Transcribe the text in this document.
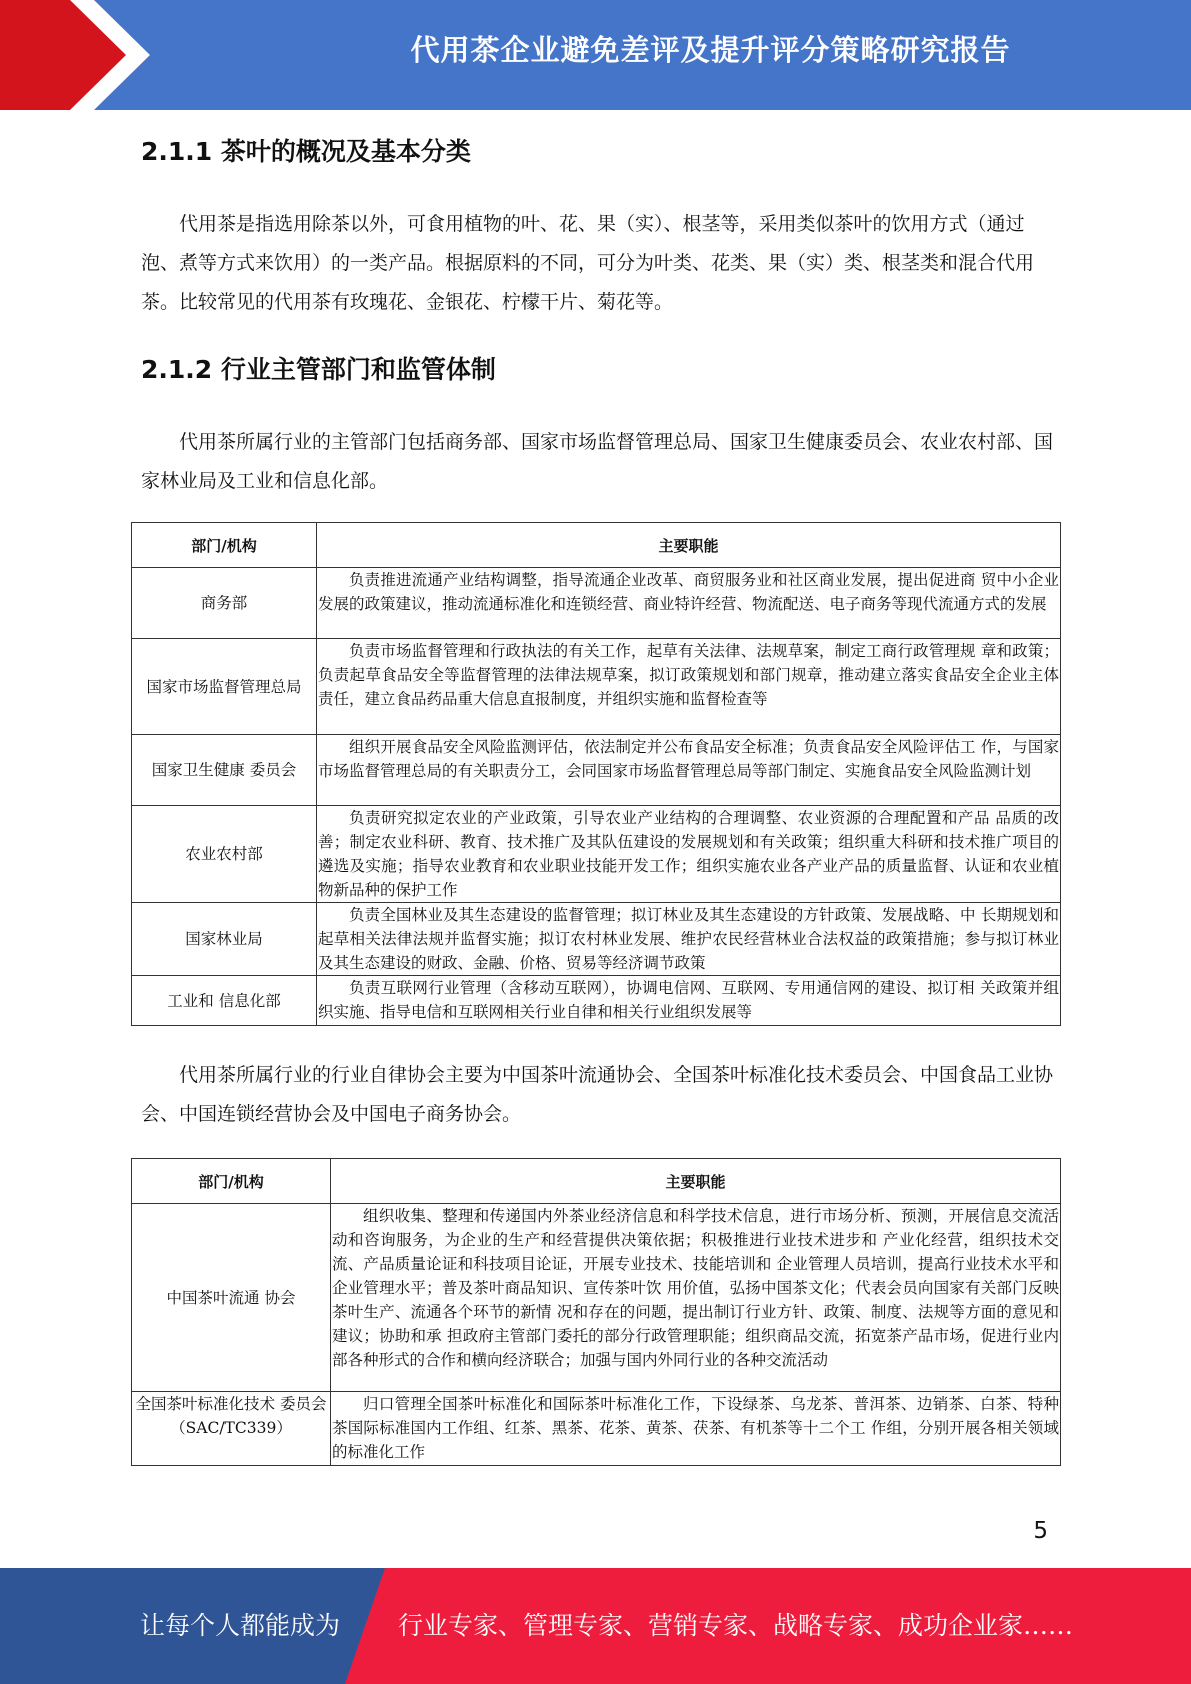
代用茶企业避免差评及提升评分策略研究报告
2.1.1 茶叶的概况及基本分类

代用茶是指选用除茶以外，可食用植物的叶、花、果（实）、根茎等，采用类似茶叶的饮用方式（通过泡、煮等方式来饮用）的一类产品。根据原料的不同，可分为叶类、花类、果（实）类、根茎类和混合代用茶。比较常见的代用茶有玫瑰花、金银花、柠檬干片、菊花等。

2.1.2 行业主管部门和监管体制

代用茶所属行业的主管部门包括商务部、国家市场监督管理总局、国家卫生健康委员会、农业农村部、国家林业局及工业和信息化部。

部门/机构	主要职能
商务部	负责推进流通产业结构调整，指导流通企业改革、商贸服务业和社区商业发展，提出促进商 贸中小企业发展的政策建议，推动流通标准化和连锁经营、商业特许经营、物流配送、电子商务等现代流通方式的发展
国家市场监督管理总局	负责市场监督管理和行政执法的有关工作，起草有关法律、法规草案，制定工商行政管理规 章和政策；负责起草食品安全等监督管理的法律法规草案，拟订政策规划和部门规章，推动建立落实食品安全企业主体责任，建立食品药品重大信息直报制度，并组织实施和监督检查等
国家卫生健康 委员会	组织开展食品安全风险监测评估，依法制定并公布食品安全标准；负责食品安全风险评估工 作，与国家市场监督管理总局的有关职责分工，会同国家市场监督管理总局等部门制定、实施食品安全风险监测计划
农业农村部	负责研究拟定农业的产业政策，引导农业产业结构的合理调整、农业资源的合理配置和产品 品质的改善；制定农业科研、教育、技术推广及其队伍建设的发展规划和有关政策；组织重大科研和技术推广项目的遴选及实施；指导农业教育和农业职业技能开发工作；组织实施农业各产业产品的质量监督、认证和农业植物新品种的保护工作
国家林业局	负责全国林业及其生态建设的监督管理；拟订林业及其生态建设的方针政策、发展战略、中 长期规划和起草相关法律法规并监督实施；拟订农村林业发展、维护农民经营林业合法权益的政策措施；参与拟订林业及其生态建设的财政、金融、价格、贸易等经济调节政策
工业和 信息化部	负责互联网行业管理（含移动互联网），协调电信网、互联网、专用通信网的建设、拟订相 关政策并组织实施、指导电信和互联网相关行业自律和相关行业组织发展等

代用茶所属行业的行业自律协会主要为中国茶叶流通协会、全国茶叶标准化技术委员会、中国食品工业协会、中国连锁经营协会及中国电子商务协会。

部门/机构	主要职能
中国茶叶流通 协会	组织收集、整理和传递国内外茶业经济信息和科学技术信息，进行市场分析、预测，开展信息交流活动和咨询服务，为企业的生产和经营提供决策依据；积极推进行业技术进步和 产业化经营，组织技术交流、产品质量论证和科技项目论证，开展专业技术、技能培训和 企业管理人员培训，提高行业技术水平和企业管理水平；普及茶叶商品知识、宣传茶叶饮 用价值，弘扬中国茶文化；代表会员向国家有关部门反映茶叶生产、流通各个环节的新情 况和存在的问题，提出制订行业方针、政策、制度、法规等方面的意见和建议；协助和承 担政府主管部门委托的部分行政管理职能；组织商品交流，拓宽茶产品市场，促进行业内 部各种形式的合作和横向经济联合；加强与国内外同行业的各种交流活动
全国茶叶标准化技术 委员会（SAC/TC339）	归口管理全国茶叶标准化和国际茶叶标准化工作，下设绿茶、乌龙茶、普洱茶、边销茶、白茶、特种茶国际标准国内工作组、红茶、黑茶、花茶、黄茶、茯茶、有机茶等十二个工 作组，分别开展各相关领域的标准化工作
5
让每个人都能成为 行业专家、管理专家、营销专家、战略专家、成功企业家……
